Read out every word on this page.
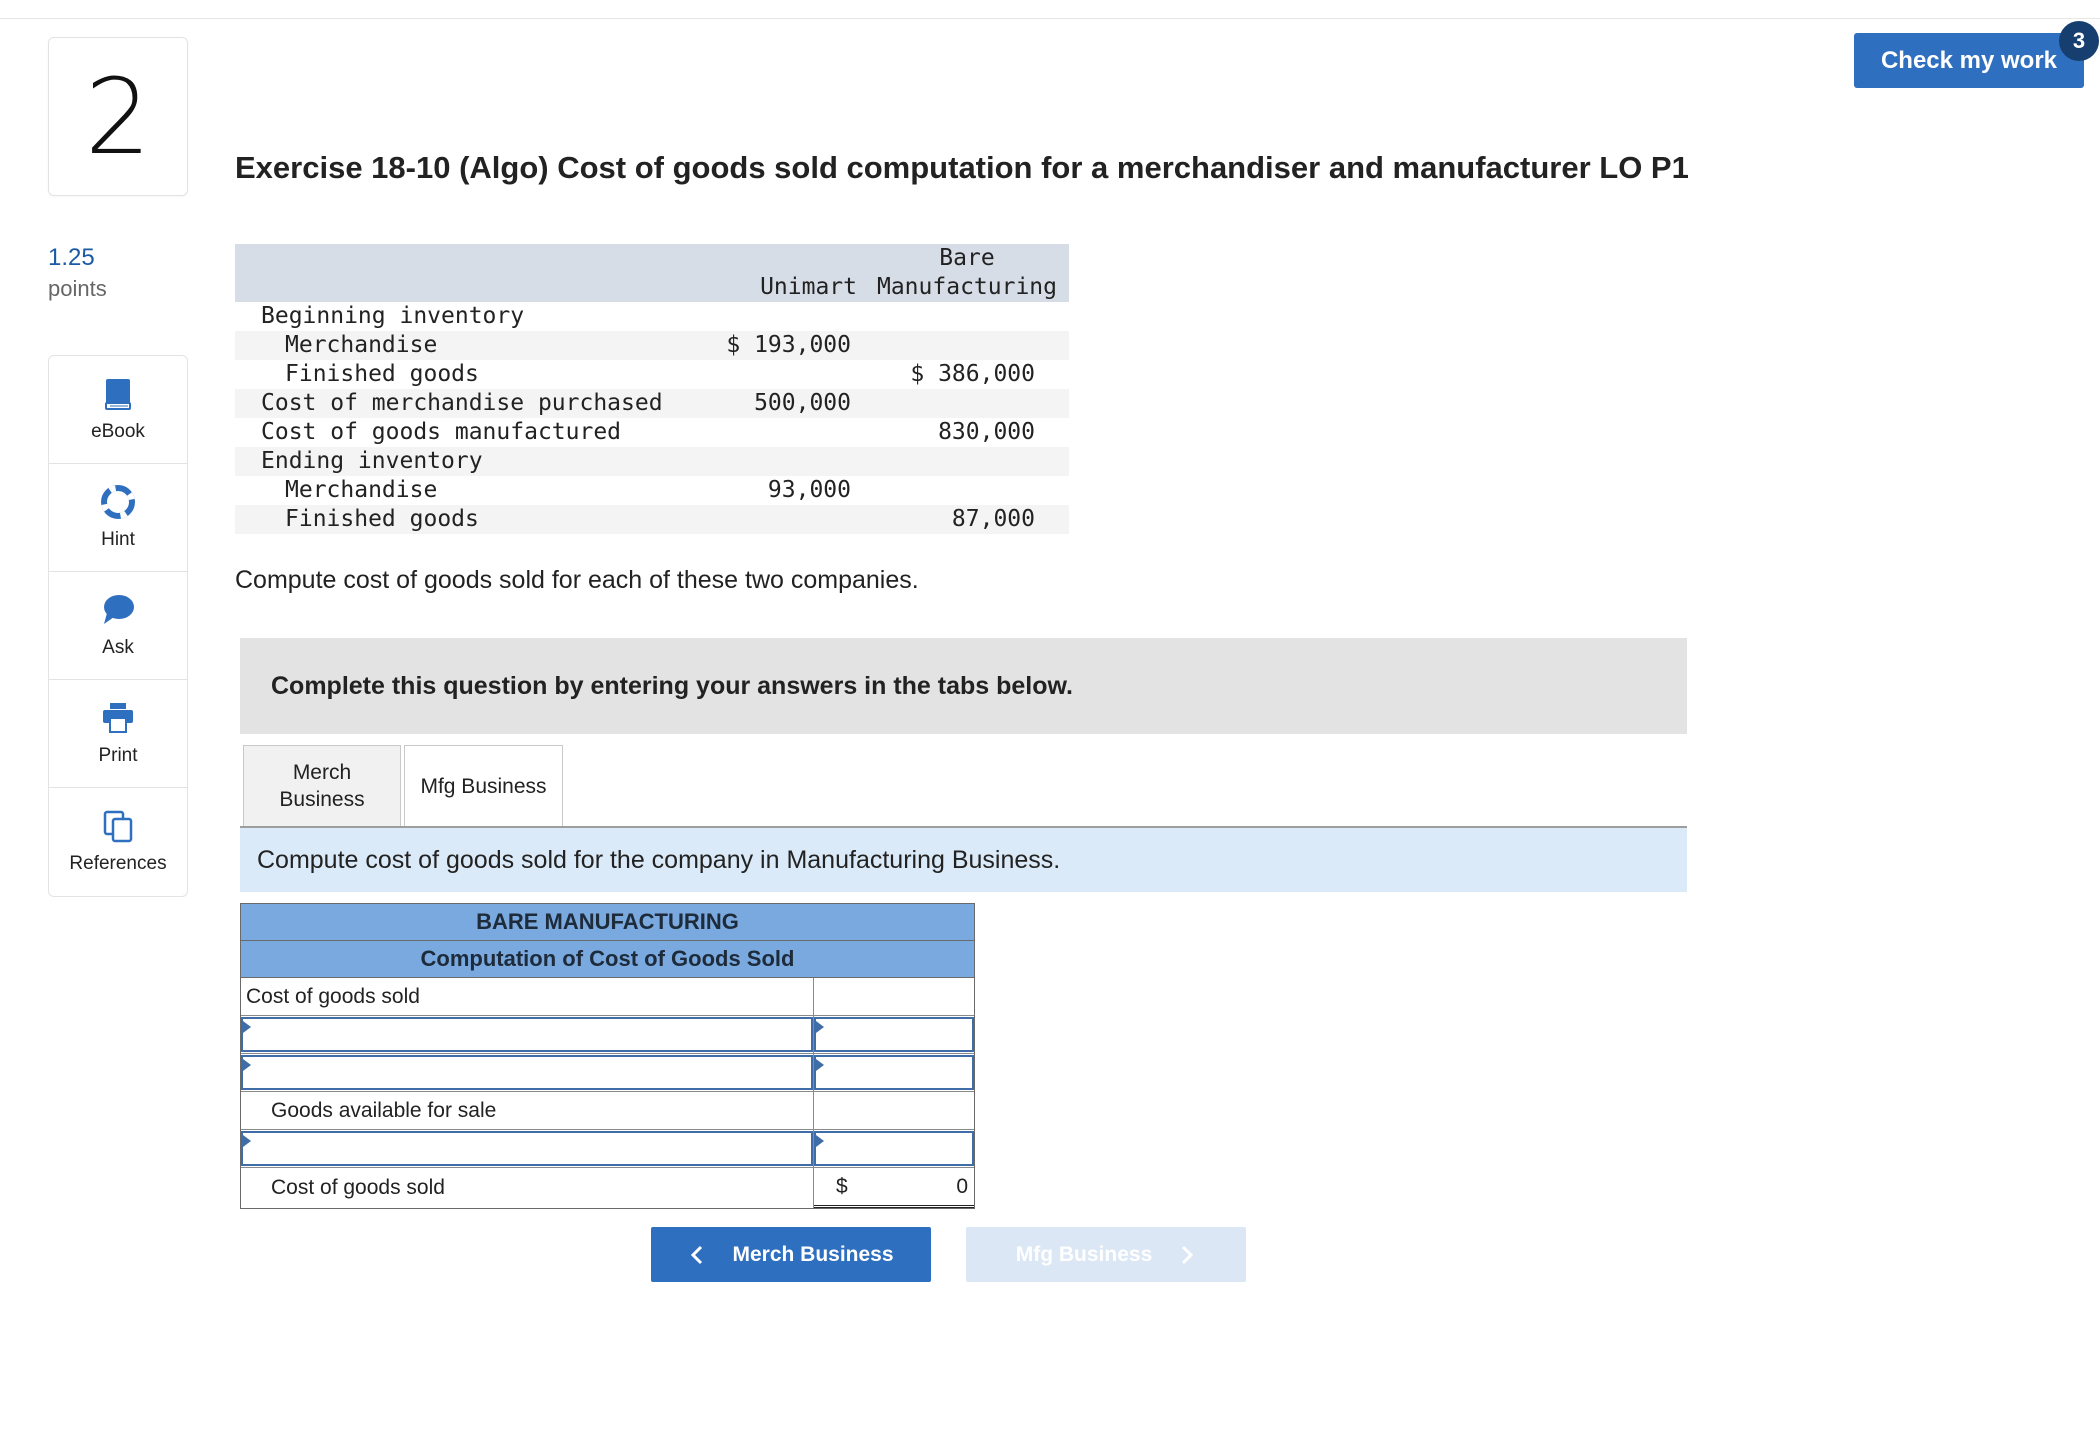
2
1.25
points
eBook
Hint
Ask
Print
References
Check my work
3
Exercise 18-10 (Algo) Cost of goods sold computation for a merchandiser and manufacturer LO P1
	Unimart	Bare
Manufacturing
Beginning inventory		
Merchandise	$ 193,000	
Finished goods		$ 386,000
Cost of merchandise purchased	500,000	
Cost of goods manufactured		830,000
Ending inventory		
Merchandise	93,000	
Finished goods		87,000
Compute cost of goods sold for each of these two companies.
Complete this question by entering your answers in the tabs below.
Merch
Business
Mfg Business
Compute cost of goods sold for the company in Manufacturing Business.
BARE MANUFACTURING
Computation of Cost of Goods Sold
Cost of goods sold
Goods available for sale
Cost of goods sold	$	0
Merch Business	Mfg Business
